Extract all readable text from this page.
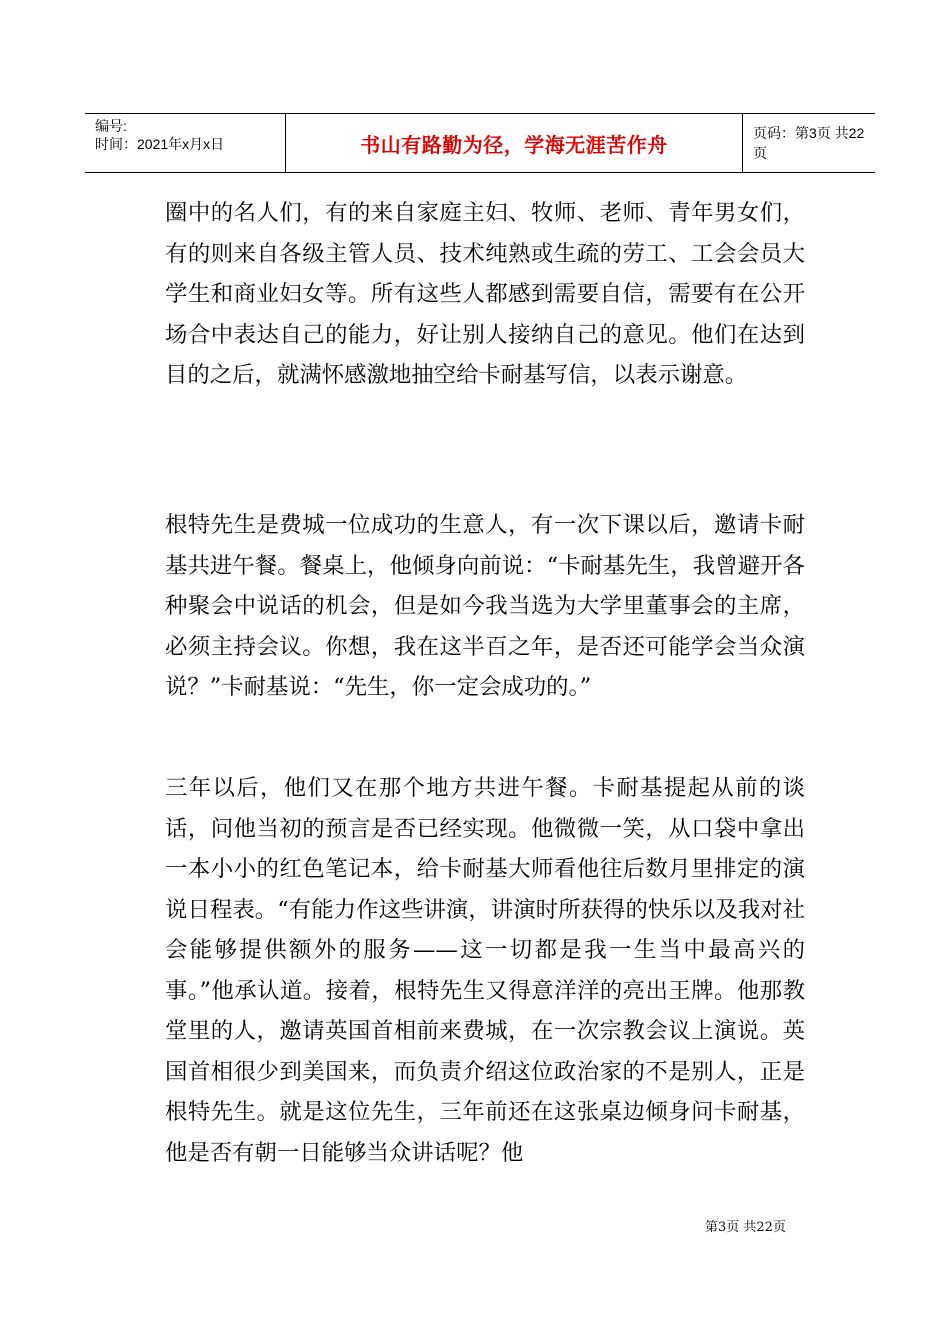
编号:
时间：2021年x月x日	书山有路勤为径，学海无涯苦作舟	页码：第3页 共22页

圈中的名人们，有的来自家庭主妇、牧师、老师、青年男女们，有的则来自各级主管人员、技术纯熟或生疏的劳工、工会会员大学生和商业妇女等。所有这些人都感到需要自信，需要有在公开场合中表达自己的能力，好让别人接纳自己的意见。他们在达到目的之后，就满怀感激地抽空给卡耐基写信，以表示谢意。

根特先生是费城一位成功的生意人，有一次下课以后，邀请卡耐基共进午餐。餐桌上，他倾身向前说：“卡耐基先生，我曾避开各种聚会中说话的机会，但是如今我当选为大学里董事会的主席，必须主持会议。你想，我在这半百之年，是否还可能学会当众演说？”卡耐基说：“先生，你一定会成功的。”

三年以后，他们又在那个地方共进午餐。卡耐基提起从前的谈话，问他当初的预言是否已经实现。他微微一笑，从口袋中拿出一本小小的红色笔记本，给卡耐基大师看他往后数月里排定的演说日程表。“有能力作这些讲演，讲演时所获得的快乐以及我对社会能够提供额外的服务——这一切都是我一生当中最高兴的事。”他承认道。接着，根特先生又得意洋洋的亮出王牌。他那教堂里的人，邀请英国首相前来费城，在一次宗教会议上演说。英国首相很少到美国来，而负责介绍这位政治家的不是别人，正是根特先生。就是这位先生，三年前还在这张桌边倾身问卡耐基，他是否有朝一日能够当众讲话呢？他

第3页 共22页
